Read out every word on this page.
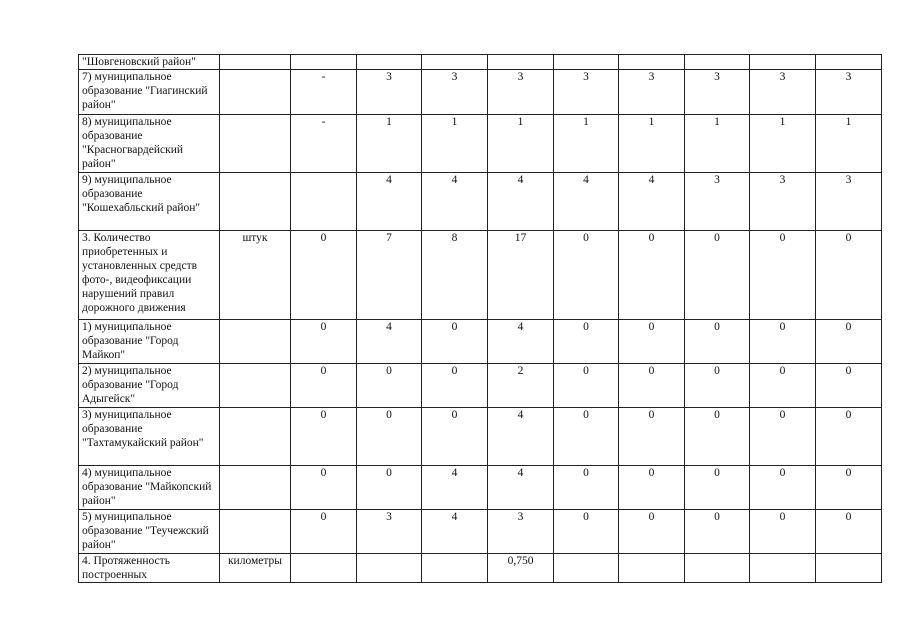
"Шовгеновский район"										
7) муниципальное образование "Гиагинский район"		-	3	3	3	3	3	3	3	3
8) муниципальное образование "Красногвардейский район"		-	1	1	1	1	1	1	1	1
9) муниципальное образование "Кошехабльский район"			4	4	4	4	4	3	3	3
3. Количество приобретенных и установленных средств фото-, видеофиксации нарушений правил дорожного движения	штук	0	7	8	17	0	0	0	0	0
1) муниципальное образование "Город Майкоп"		0	4	0	4	0	0	0	0	0
2) муниципальное образование "Город Адыгейск"		0	0	0	2	0	0	0	0	0
3) муниципальное образование "Тахтамукайский район"		0	0	0	4	0	0	0	0	0
4) муниципальное образование "Майкопский район"		0	0	4	4	0	0	0	0	0
5) муниципальное образование "Теучежский район"		0	3	4	3	0	0	0	0	0
4. Протяженность построенных	километры				0,750					
